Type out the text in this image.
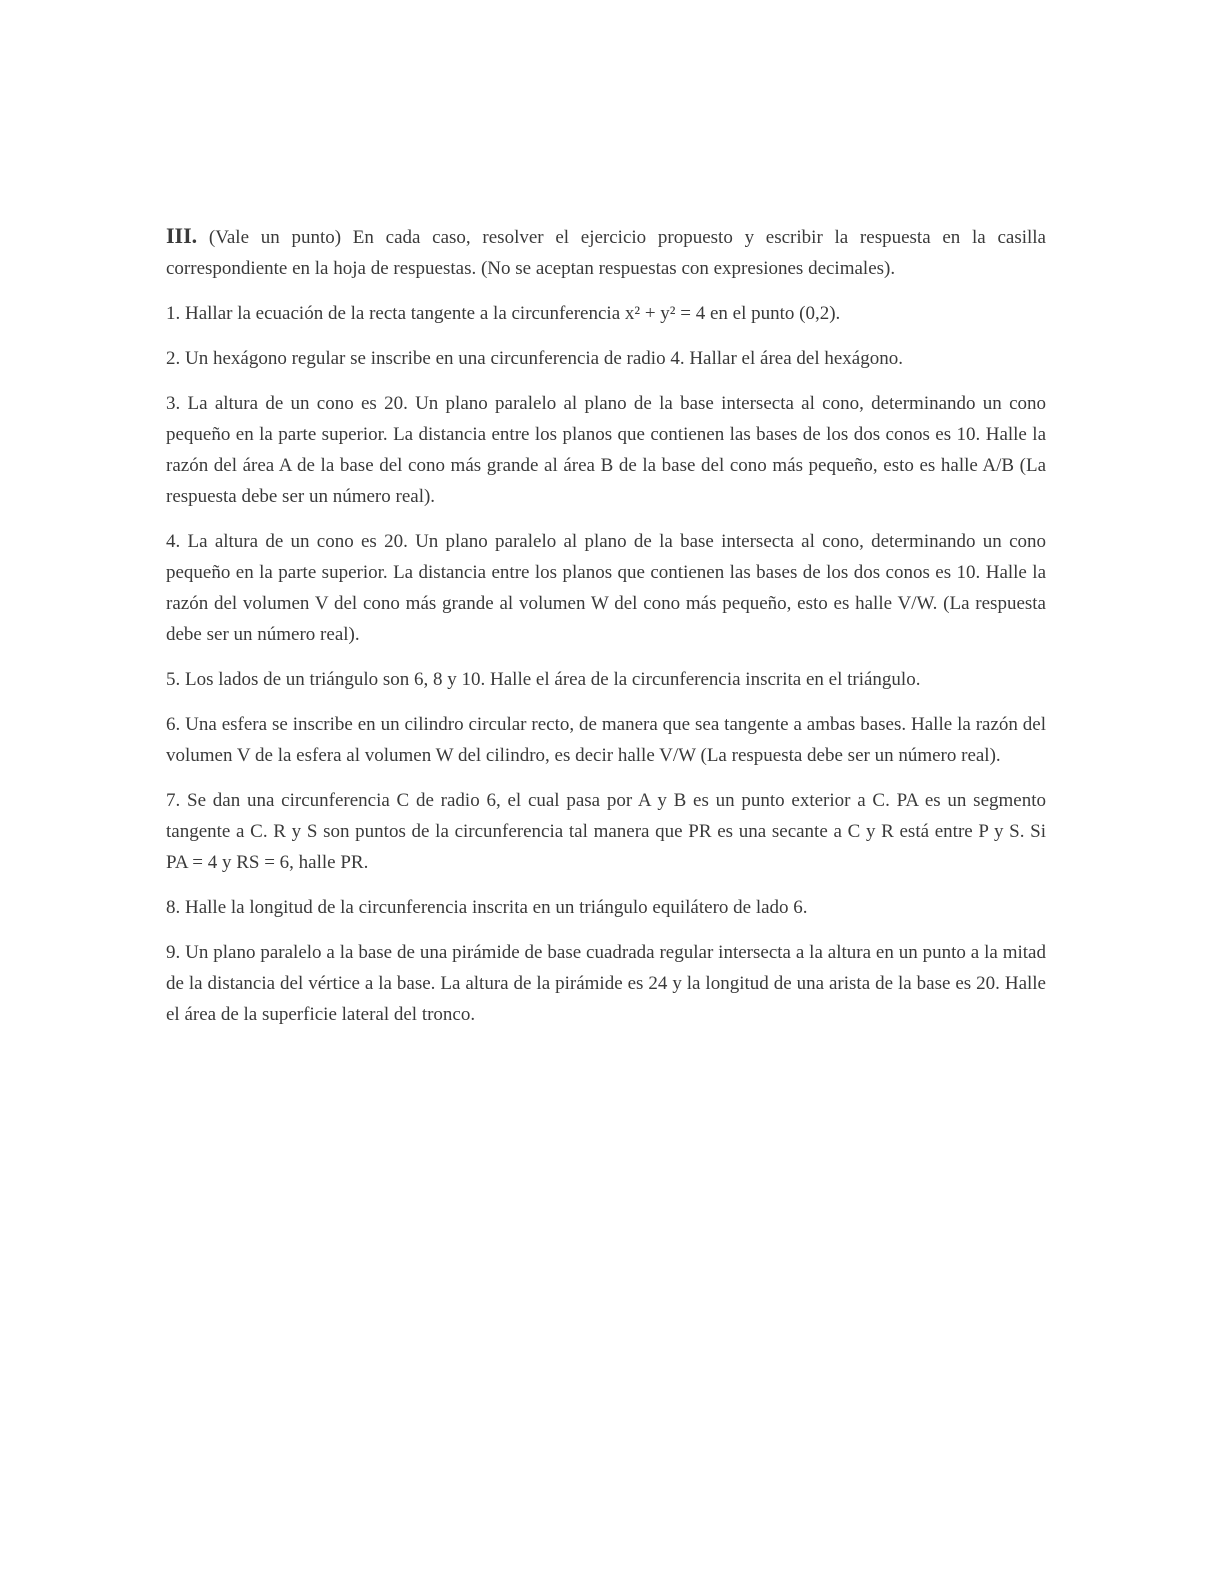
III. (Vale un punto) En cada caso, resolver el ejercicio propuesto y escribir la respuesta en la casilla correspondiente en la hoja de respuestas. (No se aceptan respuestas con expresiones decimales).

1. Hallar la ecuación de la recta tangente a la circunferencia x² + y² = 4 en el punto (0,2).

2. Un hexágono regular se inscribe en una circunferencia de radio 4. Hallar el área del hexágono.

3. La altura de un cono es 20. Un plano paralelo al plano de la base intersecta al cono, determinando un cono pequeño en la parte superior. La distancia entre los planos que contienen las bases de los dos conos es 10. Halle la razón del área A de la base del cono más grande al área B de la base del cono más pequeño, esto es halle A/B (La respuesta debe ser un número real).

4. La altura de un cono es 20. Un plano paralelo al plano de la base intersecta al cono, determinando un cono pequeño en la parte superior. La distancia entre los planos que contienen las bases de los dos conos es 10. Halle la razón del volumen V del cono más grande al volumen W del cono más pequeño, esto es halle V/W. (La respuesta debe ser un número real).

5. Los lados de un triángulo son 6, 8 y 10. Halle el área de la circunferencia inscrita en el triángulo.

6. Una esfera se inscribe en un cilindro circular recto, de manera que sea tangente a ambas bases. Halle la razón del volumen V de la esfera al volumen W del cilindro, es decir halle V/W (La respuesta debe ser un número real).

7. Se dan una circunferencia C de radio 6, el cual pasa por A y B es un punto exterior a C. PA es un segmento tangente a C. R y S son puntos de la circunferencia tal manera que PR es una secante a C y R está entre P y S. Si PA = 4 y RS = 6, halle PR.

8. Halle la longitud de la circunferencia inscrita en un triángulo equilátero de lado 6.

9. Un plano paralelo a la base de una pirámide de base cuadrada regular intersecta a la altura en un punto a la mitad de la distancia del vértice a la base. La altura de la pirámide es 24 y la longitud de una arista de la base es 20. Halle el área de la superficie lateral del tronco.
